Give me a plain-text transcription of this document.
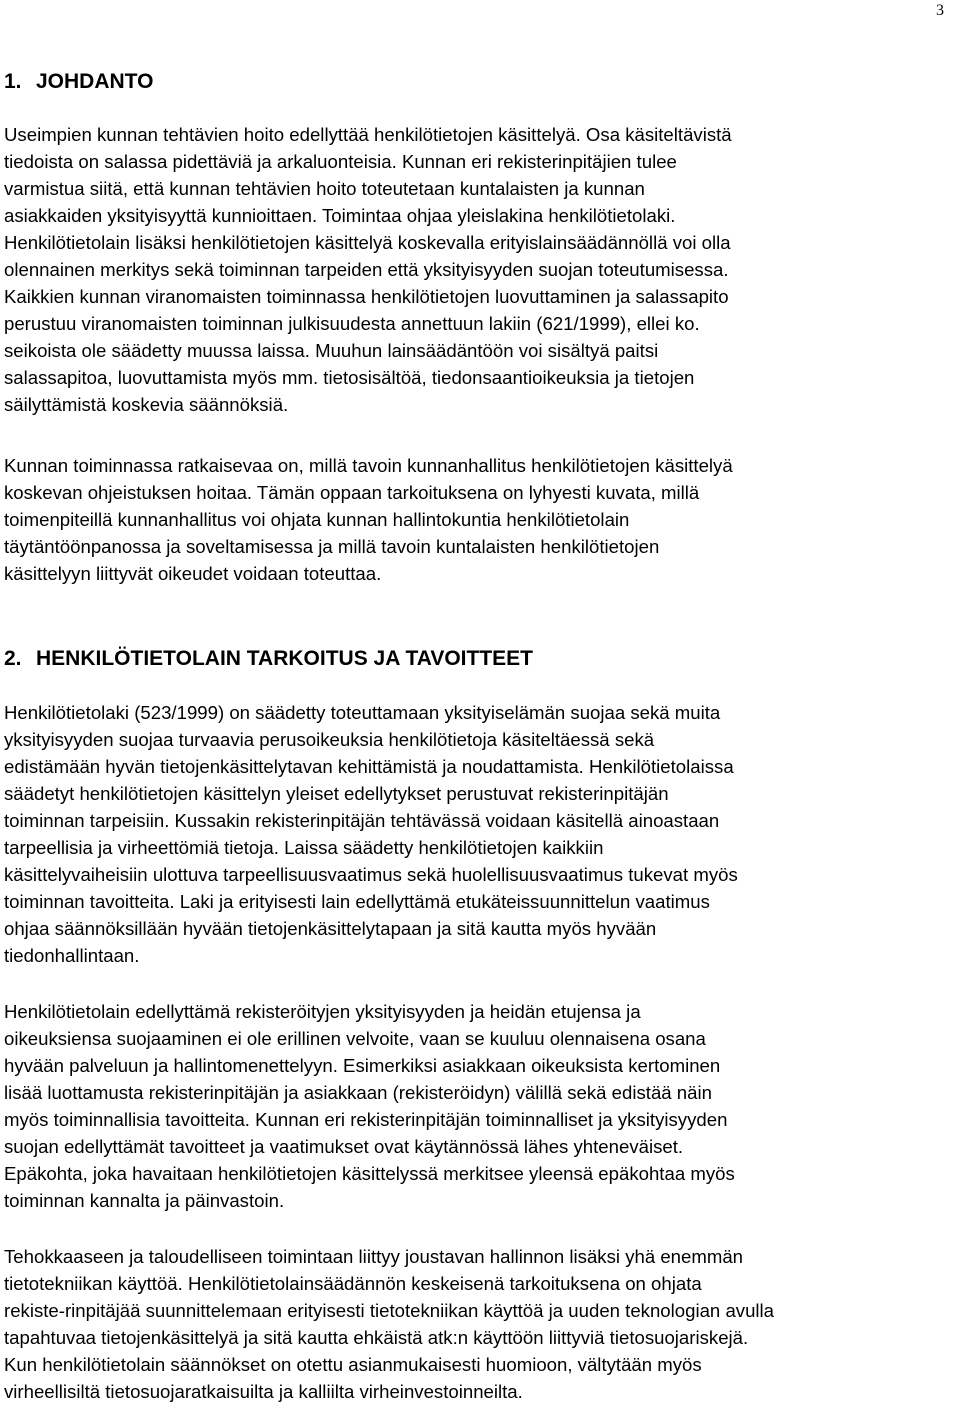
3
1. JOHDANTO
Useimpien kunnan tehtävien hoito edellyttää henkilötietojen käsittelyä. Osa käsiteltävistä
tiedoista on salassa pidettäviä ja arkaluonteisia. Kunnan eri rekisterinpitäjien tulee
varmistua siitä, että kunnan tehtävien hoito toteutetaan kuntalaisten ja kunnan
asiakkaiden yksityisyyttä kunnioittaen. Toimintaa ohjaa yleislakina henkilötietolaki.
Henkilötietolain lisäksi henkilötietojen käsittelyä koskevalla erityislainsäädännöllä voi olla
olennainen merkitys sekä toiminnan tarpeiden että yksityisyyden suojan toteutumisessa.
Kaikkien kunnan viranomaisten toiminnassa henkilötietojen luovuttaminen ja salassapito
perustuu viranomaisten toiminnan julkisuudesta annettuun lakiin (621/1999), ellei ko.
seikoista ole säädetty muussa laissa. Muuhun lainsäädäntöön voi sisältyä paitsi
salassapitoa, luovuttamista myös mm. tietosisältöä, tiedonsaantioikeuksia ja tietojen
säilyttämistä koskevia säännöksiä.
Kunnan toiminnassa ratkaisevaa on, millä tavoin kunnanhallitus henkilötietojen käsittelyä
koskevan ohjeistuksen hoitaa. Tämän oppaan tarkoituksena on lyhyesti kuvata, millä
toimenpiteillä kunnanhallitus voi ohjata kunnan hallintokuntia henkilötietolain
täytäntöönpanossa ja soveltamisessa ja millä tavoin kuntalaisten henkilötietojen
käsittelyyn liittyvät oikeudet voidaan toteuttaa.
2. HENKILÖTIETOLAIN TARKOITUS JA TAVOITTEET
Henkilötietolaki (523/1999) on säädetty toteuttamaan yksityiselämän suojaa sekä muita
yksityisyyden suojaa turvaavia perusoikeuksia henkilötietoja käsiteltäessä sekä
edistämään hyvän tietojenkäsittelytavan kehittämistä ja noudattamista. Henkilötietolaissa
säädetyt henkilötietojen käsittelyn yleiset edellytykset perustuvat rekisterinpitäjän
toiminnan tarpeisiin. Kussakin rekisterinpitäjän tehtävässä voidaan käsitellä ainoastaan
tarpeellisia ja virheettömiä tietoja. Laissa säädetty henkilötietojen kaikkiin
käsittelyvaiheisiin ulottuva tarpeellisuusvaatimus sekä huolellisuusvaatimus tukevat myös
toiminnan tavoitteita. Laki ja erityisesti lain edellyttämä etukäteissuunnittelun vaatimus
ohjaa säännöksillään hyvään tietojenkäsittelytapaan ja sitä kautta myös hyvään
tiedonhallintaan.
Henkilötietolain edellyttämä rekisteröityjen yksityisyyden ja heidän etujensa ja
oikeuksiensa suojaaminen ei ole erillinen velvoite, vaan se kuuluu olennaisena osana
hyvään palveluun ja hallintomenettelyyn. Esimerkiksi asiakkaan oikeuksista kertominen
lisää luottamusta rekisterinpitäjän ja asiakkaan (rekisteröidyn) välillä sekä edistää näin
myös toiminnallisia tavoitteita. Kunnan eri rekisterinpitäjän toiminnalliset ja yksityisyyden
suojan edellyttämät tavoitteet ja vaatimukset ovat käytännössä lähes yhteneväiset.
Epäkohta, joka havaitaan henkilötietojen käsittelyssä merkitsee yleensä epäkohtaa myös
toiminnan kannalta ja päinvastoin.
Tehokkaaseen ja taloudelliseen toimintaan liittyy joustavan hallinnon lisäksi yhä enemmän
tietotekniikan käyttöä. Henkilötietolainsäädännön keskeisenä tarkoituksena on ohjata
rekiste-rinpitäjää suunnittelemaan erityisesti tietotekniikan käyttöä ja uuden teknologian avulla
tapahtuvaa tietojenkäsittelyä ja sitä kautta ehkäistä atk:n käyttöön liittyviä tietosuojariskejä.
Kun henkilötietolain säännökset on otettu asianmukaisesti huomioon, vältytään myös
virheellisiltä tietosuojaratkaisuilta ja kalliilta virheinvestoinneilta.
